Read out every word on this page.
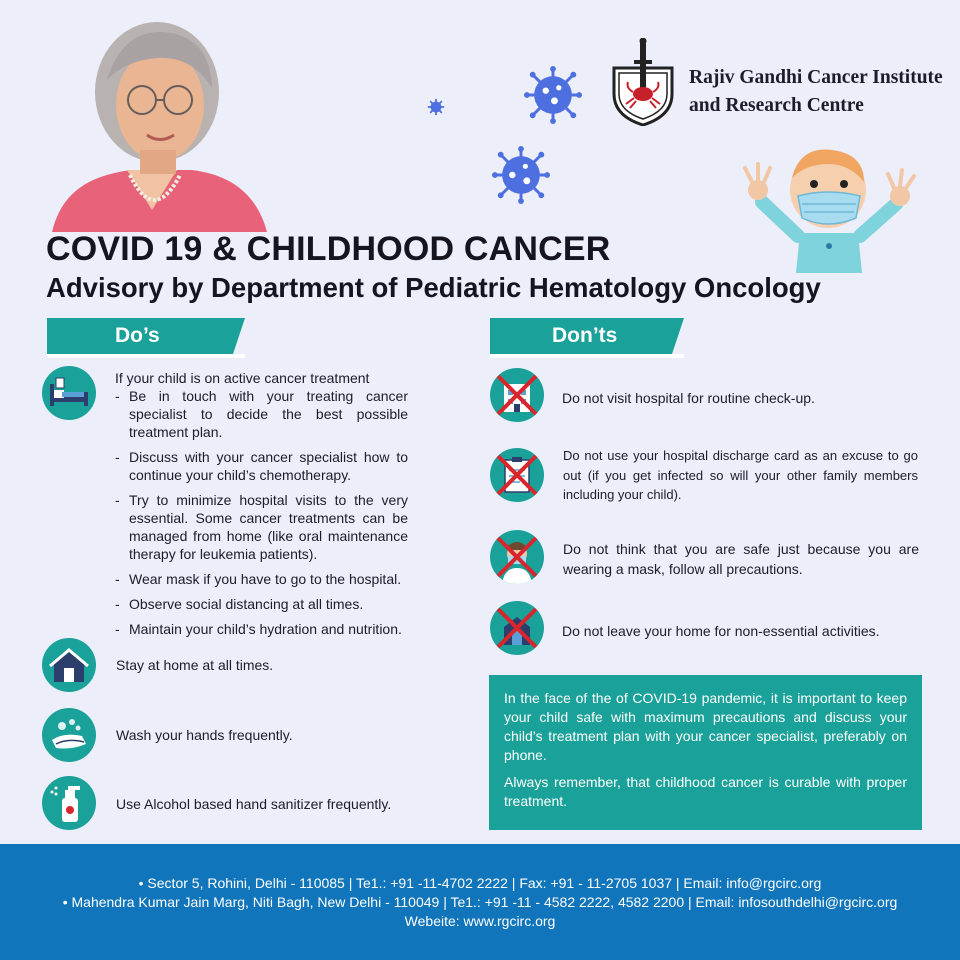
Rajiv Gandhi Cancer Institute
and Research Centre
COVID 19 & CHILDHOOD CANCER
Advisory by Department of Pediatric Hematology Oncology
Do’s	Don’ts
If your child is on active cancer treatment
- Be in touch with your treating cancer specialist to decide the best possible treatment plan.
- Discuss with your cancer specialist how to continue your child’s chemotherapy.
- Try to minimize hospital visits to the very essential. Some cancer treatments can be managed from home (like oral maintenance therapy for leukemia patients).
- Wear mask if you have to go to the hospital.
- Observe social distancing at all times.
- Maintain your child’s hydration and nutrition.
Stay at home at all times.
Wash your hands frequently.
Use Alcohol based hand sanitizer frequently.
Do not visit hospital for routine check-up.
Do not use your hospital discharge card as an excuse to go out (if you get infected so will your other family members including your child).
Do not think that you are safe just because you are wearing a mask, follow all precautions.
Do not leave your home for non-essential activities.

In the face of the of COVID-19 pandemic, it is important to keep your child safe with maximum precautions and discuss your child’s treatment plan with your cancer specialist, preferably on phone.

Always remember, that childhood cancer is curable with proper treatment.

• Sector 5, Rohini, Delhi - 110085 | Te1.: +91 -11-4702 2222 | Fax: +91 - 11-2705 1037 | Email: info@rgcirc.org
• Mahendra Kumar Jain Marg, Niti Bagh, New Delhi - 110049 | Te1.: +91 -11 - 4582 2222, 4582 2200 | Email: infosouthdelhi@rgcirc.org
Webeite: www.rgcirc.org
